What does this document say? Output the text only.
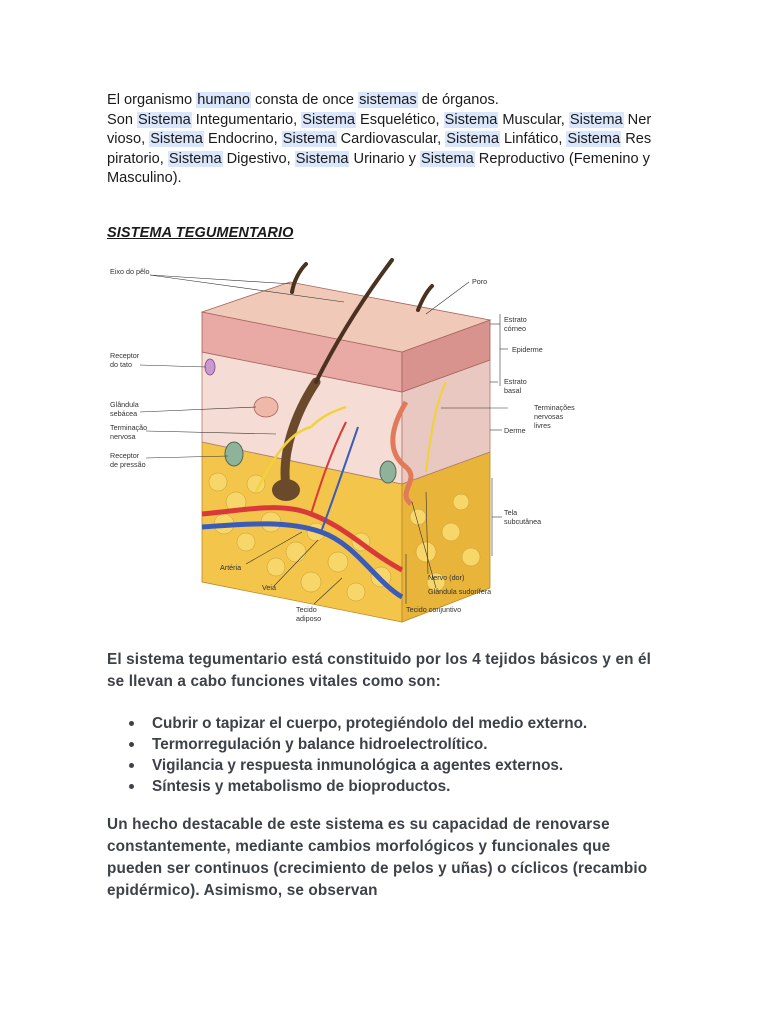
El organismo humano consta de once sistemas de órganos.

Son Sistema Integumentario, Sistema Esquelético, Sistema Muscular, Sistema Ner vioso, Sistema Endocrino, Sistema Cardiovascular, Sistema Linfático, Sistema Res piratorio, Sistema Digestivo, Sistema Urinario y Sistema Reproductivo (Femenino y Masculino).

SISTEMA TEGUMENTARIO
Eixo do pêlo
Poro
Receptor
do tato
Glândula
sebácea
Terminação
nervosa
Receptor
de pressão
Estrato
córneo
Epiderme
Estrato
basal
Terminações
nervosas
livres
Derme
Tela
subcutânea
Artéria
Veia
Tecido
adiposo
Tecido conjuntivo
Nervo (dor)
Glândula sudorífera
El sistema tegumentario está constituido por los 4 tejidos básicos y en él se llevan a cabo funciones vitales como son:
Cubrir o tapizar el cuerpo, protegiéndolo del medio externo.
Termorregulación y balance hidroelectrolítico.
Vigilancia y respuesta inmunológica a agentes externos.
Síntesis y metabolismo de bioproductos.
Un hecho destacable de este sistema es su capacidad de renovarse constantemente, mediante cambios morfológicos y funcionales que pueden ser continuos (crecimiento de pelos y uñas) o cíclicos (recambio epidérmico). Asimismo, se observan
